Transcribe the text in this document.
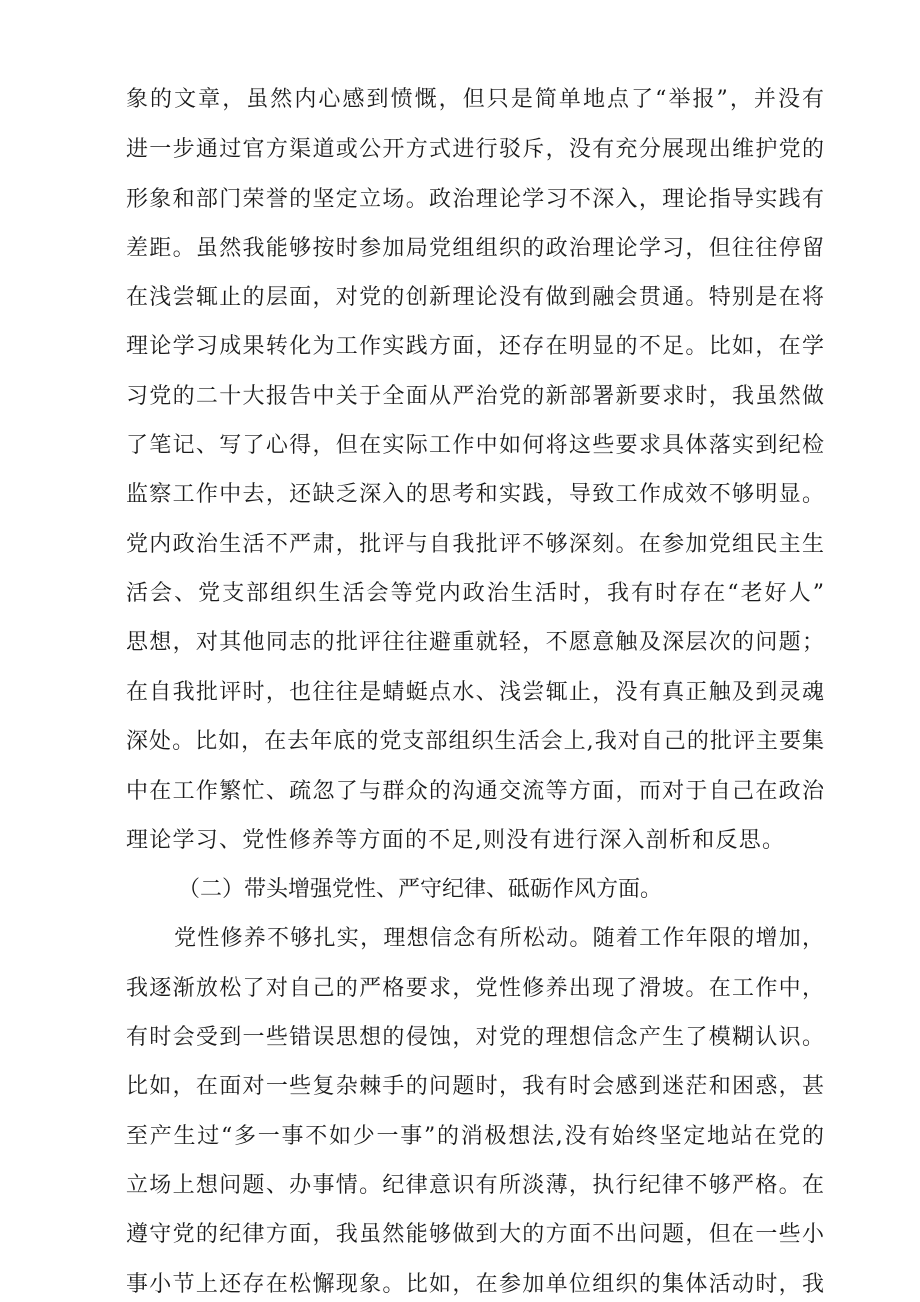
象的文章，虽然内心感到愤慨，但只是简单地点了“举报”，并没有

进一步通过官方渠道或公开方式进行驳斥，没有充分展现出维护党的

形象和部门荣誉的坚定立场。政治理论学习不深入，理论指导实践有

差距。虽然我能够按时参加局党组组织的政治理论学习，但往往停留

在浅尝辄止的层面，对党的创新理论没有做到融会贯通。特别是在将

理论学习成果转化为工作实践方面，还存在明显的不足。比如，在学

习党的二十大报告中关于全面从严治党的新部署新要求时，我虽然做

了笔记、写了心得，但在实际工作中如何将这些要求具体落实到纪检

监察工作中去，还缺乏深入的思考和实践，导致工作成效不够明显。

党内政治生活不严肃，批评与自我批评不够深刻。在参加党组民主生

活会、党支部组织生活会等党内政治生活时，我有时存在“老好人”

思想，对其他同志的批评往往避重就轻，不愿意触及深层次的问题；

在自我批评时，也往往是蜻蜓点水、浅尝辄止，没有真正触及到灵魂

深处。比如，在去年底的党支部组织生活会上,我对自己的批评主要集

中在工作繁忙、疏忽了与群众的沟通交流等方面，而对于自己在政治

理论学习、党性修养等方面的不足,则没有进行深入剖析和反思。

（二）带头增强党性、严守纪律、砥砺作风方面。

党性修养不够扎实，理想信念有所松动。随着工作年限的增加，

我逐渐放松了对自己的严格要求，党性修养出现了滑坡。在工作中，

有时会受到一些错误思想的侵蚀，对党的理想信念产生了模糊认识。

比如，在面对一些复杂棘手的问题时，我有时会感到迷茫和困惑，甚

至产生过“多一事不如少一事”的消极想法,没有始终坚定地站在党的

立场上想问题、办事情。纪律意识有所淡薄，执行纪律不够严格。在

遵守党的纪律方面，我虽然能够做到大的方面不出问题，但在一些小

事小节上还存在松懈现象。比如，在参加单位组织的集体活动时，我
